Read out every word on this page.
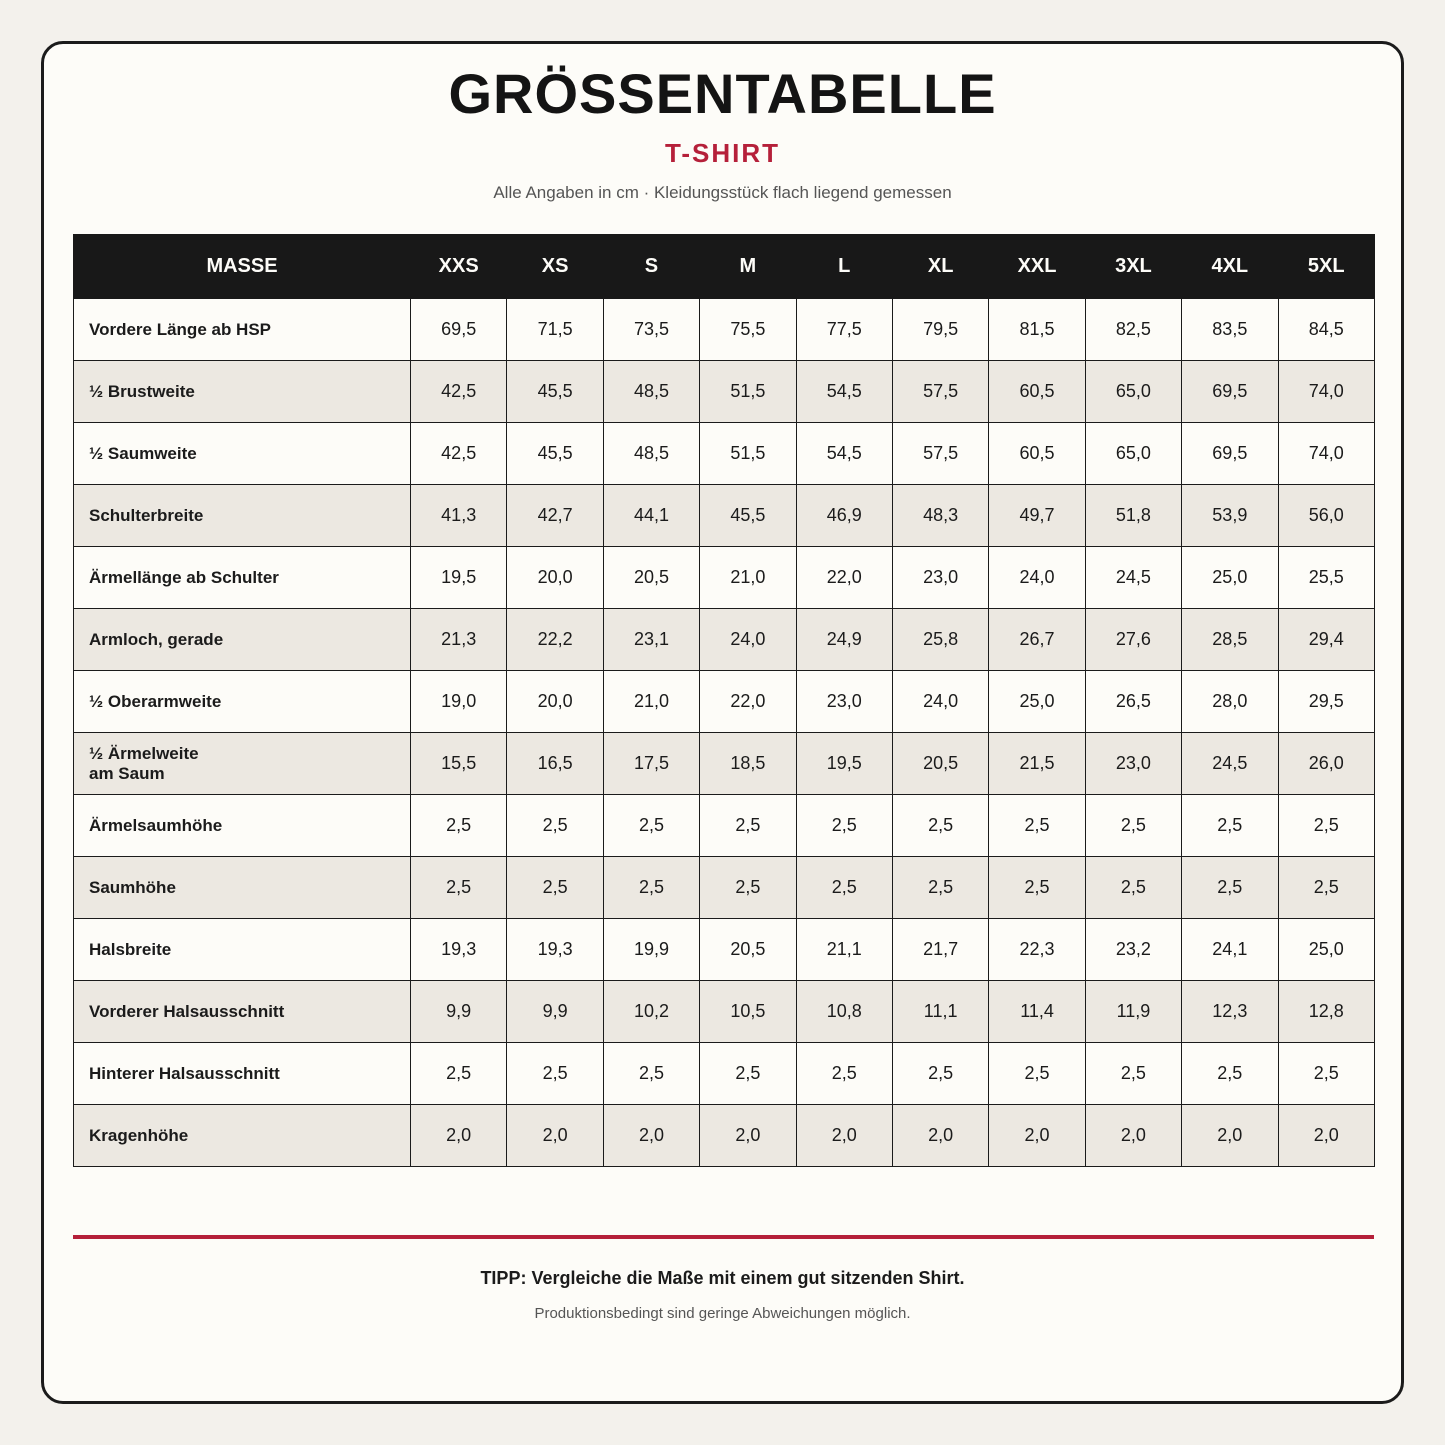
GRÖSSENTABELLE
T-SHIRT
Alle Angaben in cm · Kleidungsstück flach liegend gemessen
MASSE	XXS	XS	S	M	L	XL	XXL	3XL	4XL	5XL
Vordere Länge ab HSP	69,5	71,5	73,5	75,5	77,5	79,5	81,5	82,5	83,5	84,5
½ Brustweite	42,5	45,5	48,5	51,5	54,5	57,5	60,5	65,0	69,5	74,0
½ Saumweite	42,5	45,5	48,5	51,5	54,5	57,5	60,5	65,0	69,5	74,0
Schulterbreite	41,3	42,7	44,1	45,5	46,9	48,3	49,7	51,8	53,9	56,0
Ärmellänge ab Schulter	19,5	20,0	20,5	21,0	22,0	23,0	24,0	24,5	25,0	25,5
Armloch, gerade	21,3	22,2	23,1	24,0	24,9	25,8	26,7	27,6	28,5	29,4
½ Oberarmweite	19,0	20,0	21,0	22,0	23,0	24,0	25,0	26,5	28,0	29,5
½ Ärmelweite
am Saum	15,5	16,5	17,5	18,5	19,5	20,5	21,5	23,0	24,5	26,0
Ärmelsaumhöhe	2,5	2,5	2,5	2,5	2,5	2,5	2,5	2,5	2,5	2,5
Saumhöhe	2,5	2,5	2,5	2,5	2,5	2,5	2,5	2,5	2,5	2,5
Halsbreite	19,3	19,3	19,9	20,5	21,1	21,7	22,3	23,2	24,1	25,0
Vorderer Halsausschnitt	9,9	9,9	10,2	10,5	10,8	11,1	11,4	11,9	12,3	12,8
Hinterer Halsausschnitt	2,5	2,5	2,5	2,5	2,5	2,5	2,5	2,5	2,5	2,5
Kragenhöhe	2,0	2,0	2,0	2,0	2,0	2,0	2,0	2,0	2,0	2,0
TIPP: Vergleiche die Maße mit einem gut sitzenden Shirt.
Produktionsbedingt sind geringe Abweichungen möglich.
